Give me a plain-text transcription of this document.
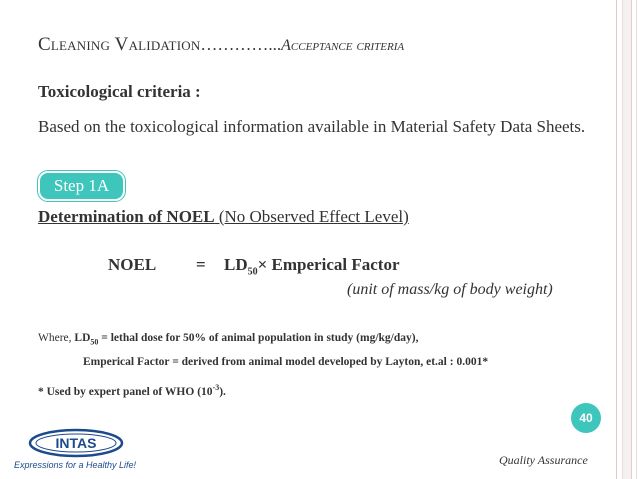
Cleaning Validation…………...Acceptance criteria
Toxicological criteria :
Based on the toxicological information available in Material Safety Data Sheets.
Step 1A
Determination of NOEL (No Observed Effect Level)
NOEL = $LD_{50}\times$ Emperical Factor
(unit of mass/kg of body weight)
Where, $LD_{50}$ = lethal dose for 50% of animal population in study (mg/kg/day),
Emperical Factor = derived from animal model developed by Layton, et.al : 0.001*
* Used by expert panel of WHO $(10^{-3})$.
40
Quality Assurance
INTAS
Expressions for a Healthy Life!
